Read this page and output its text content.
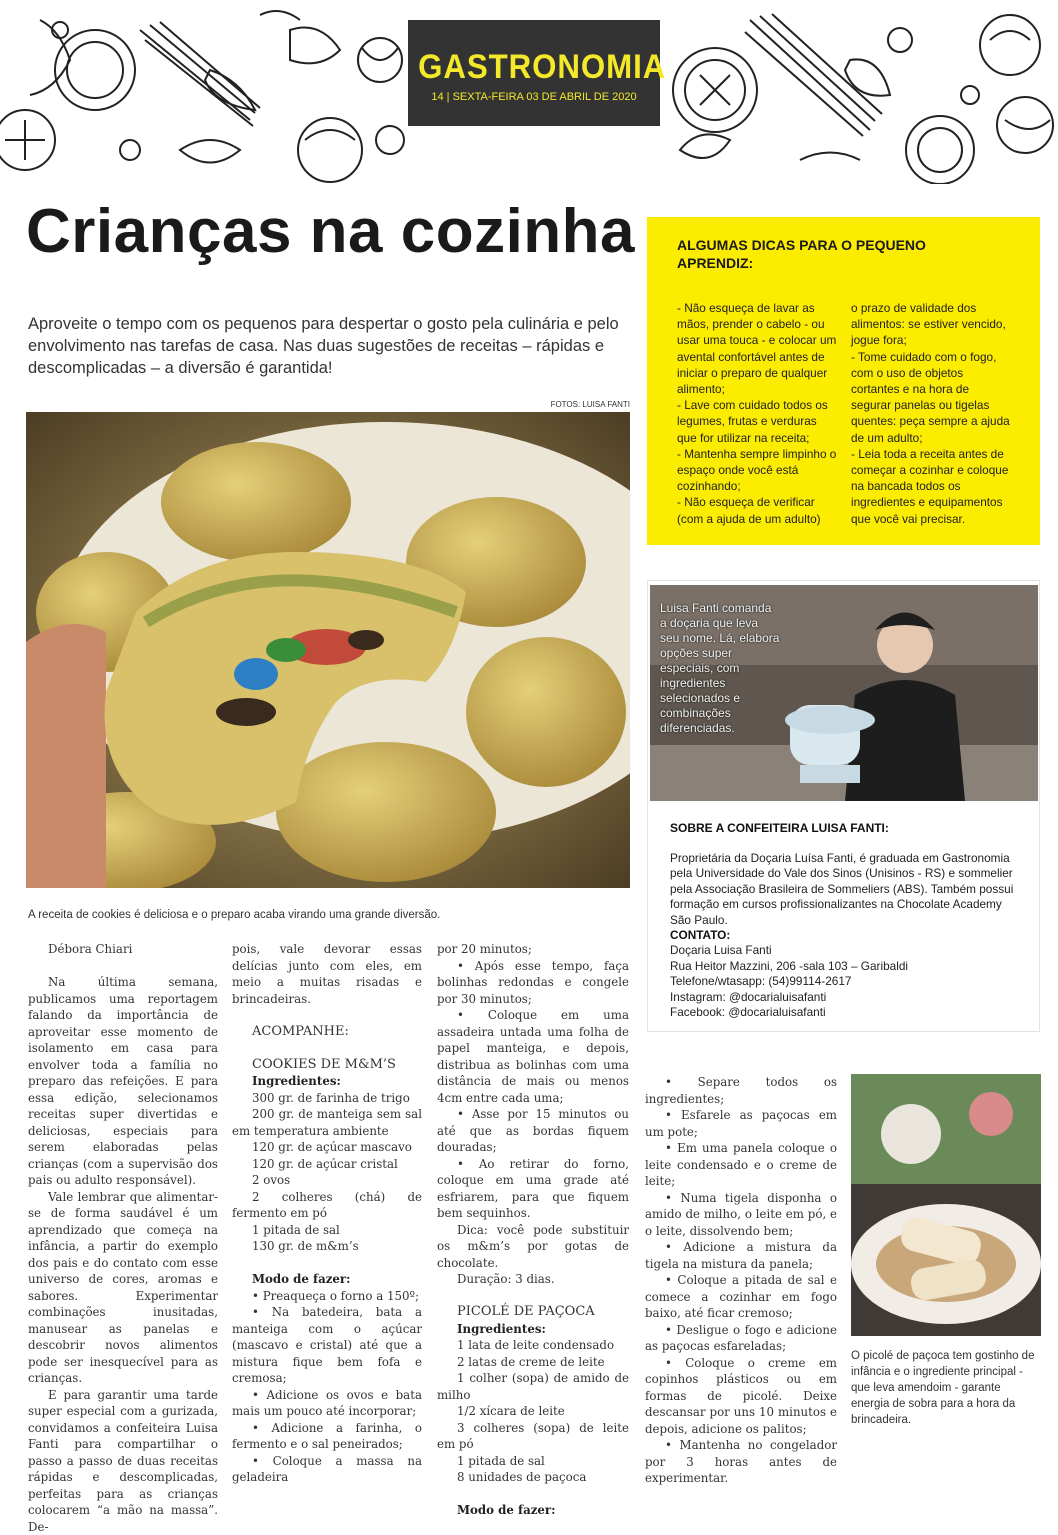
GASTRONOMIA
14 | SEXTA-FEIRA 03 DE ABRIL DE 2020
Crianças na cozinha
Aproveite o tempo com os pequenos para despertar o gosto pela culinária e pelo envolvimento nas tarefas de casa. Nas duas sugestões de receitas – rápidas e descomplicadas – a diversão é garantida!
FOTOS: LUISA FANTI
A receita de cookies é deliciosa e o preparo acaba virando uma grande diversão.
ALGUMAS DICAS PARA O PEQUENO APRENDIZ:

- Não esqueça de lavar as mãos, prender o cabelo - ou usar uma touca - e colocar um avental confortável antes de iniciar o preparo de qualquer alimento;

- Lave com cuidado todos os legumes, frutas e verduras que for utilizar na receita;

- Mantenha sempre limpinho o espaço onde você está cozinhando;

- Não esqueça de verificar (com a ajuda de um adulto)

o prazo de validade dos alimentos: se estiver vencido, jogue fora;

- Tome cuidado com o fogo, com o uso de objetos cortantes e na hora de segurar panelas ou tigelas quentes: peça sempre a ajuda de um adulto;

- Leia toda a receita antes de começar a cozinhar e coloque na bancada todos os ingredientes e equipamentos que você vai precisar.

Luisa Fanti comanda a doçaria que leva seu nome. Lá, elabora opções super especiais, com ingredientes selecionados e combinações diferenciadas.
SOBRE A CONFEITEIRA LUISA FANTI:

Proprietária da Doçaria Luísa Fanti, é graduada em Gastronomia pela Universidade do Vale dos Sinos (Unisinos - RS) e sommelier pela Associação Brasileira de Sommeliers (ABS). Também possui formação em cursos profissionalizantes na Chocolate Academy São Paulo.

CONTATO:

Doçaria Luisa Fanti

Rua Heitor Mazzini, 206 -sala 103 – Garibaldi

Telefone/wtasapp: (54)99114-2617

Instagram: @docarialuisafanti

Facebook: @docarialuisafanti

Débora Chiari

Na última semana, publicamos uma reportagem falando da importância de aproveitar esse momento de isolamento em casa para envolver toda a família no preparo das refeições. E para essa edição, selecionamos receitas super divertidas e deliciosas, especiais para serem elaboradas pelas crianças (com a supervisão dos pais ou adulto responsável).

Vale lembrar que alimentar-se de forma saudável é um aprendizado que começa na infância, a partir do exemplo dos pais e do contato com esse universo de cores, aromas e sabores. Experimentar combinações inusitadas, manusear as panelas e descobrir novos alimentos pode ser inesquecível para as crianças.

E para garantir uma tarde super especial com a gurizada, convidamos a confeiteira Luisa Fanti para compartilhar o passo a passo de duas receitas rápidas e descomplicadas, perfeitas para as crianças colocarem “a mão na massa”. De-

pois, vale devorar essas delícias junto com eles, em meio a muitas risadas e brincadeiras.

ACOMPANHE:

COOKIES DE M&M’S

Ingredientes:

300 gr. de farinha de trigo

200 gr. de manteiga sem sal em temperatura ambiente

120 gr. de açúcar mascavo

120 gr. de açúcar cristal

2 ovos

2 colheres (chá) de fermento em pó

1 pitada de sal

130 gr. de m&m’s

Modo de fazer:

• Preaqueça o forno a 150º;

• Na batedeira, bata a manteiga com o açúcar (mascavo e cristal) até que a mistura fique bem fofa e cremosa;

• Adicione os ovos e bata mais um pouco até incorporar;

• Adicione a farinha, o fermento e o sal peneirados;

• Coloque a massa na geladeira

por 20 minutos;

• Após esse tempo, faça bolinhas redondas e congele por 30 minutos;

• Coloque em uma assadeira untada uma folha de papel manteiga, e depois, distribua as bolinhas com uma distância de mais ou menos 4cm entre cada uma;

• Asse por 15 minutos ou até que as bordas fiquem douradas;

• Ao retirar do forno, coloque em uma grade até esfriarem, para que fiquem bem sequinhos.

Dica: você pode substituir os m&m’s por gotas de chocolate.

Duração: 3 dias.

PICOLÉ DE PAÇOCA

Ingredientes:

1 lata de leite condensado

2 latas de creme de leite

1 colher (sopa) de amido de milho

1/2 xícara de leite

3 colheres (sopa) de leite em pó

1 pitada de sal

8 unidades de paçoca

Modo de fazer:

• Separe todos os ingredientes;

• Esfarele as paçocas em um pote;

• Em uma panela coloque o leite condensado e o creme de leite;

• Numa tigela disponha o amido de milho, o leite em pó, e o leite, dissolvendo bem;

• Adicione a mistura da tigela na mistura da panela;

• Coloque a pitada de sal e comece a cozinhar em fogo baixo, até ficar cremoso;

• Desligue o fogo e adicione as paçocas esfareladas;

• Coloque o creme em copinhos plásticos ou em formas de picolé. Deixe descansar por uns 10 minutos e depois, adicione os palitos;

• Mantenha no congelador por 3 horas antes de experimentar.

O picolé de paçoca tem gostinho de infância e o ingrediente principal - que leva amendoim - garante energia de sobra para a hora da brincadeira.
